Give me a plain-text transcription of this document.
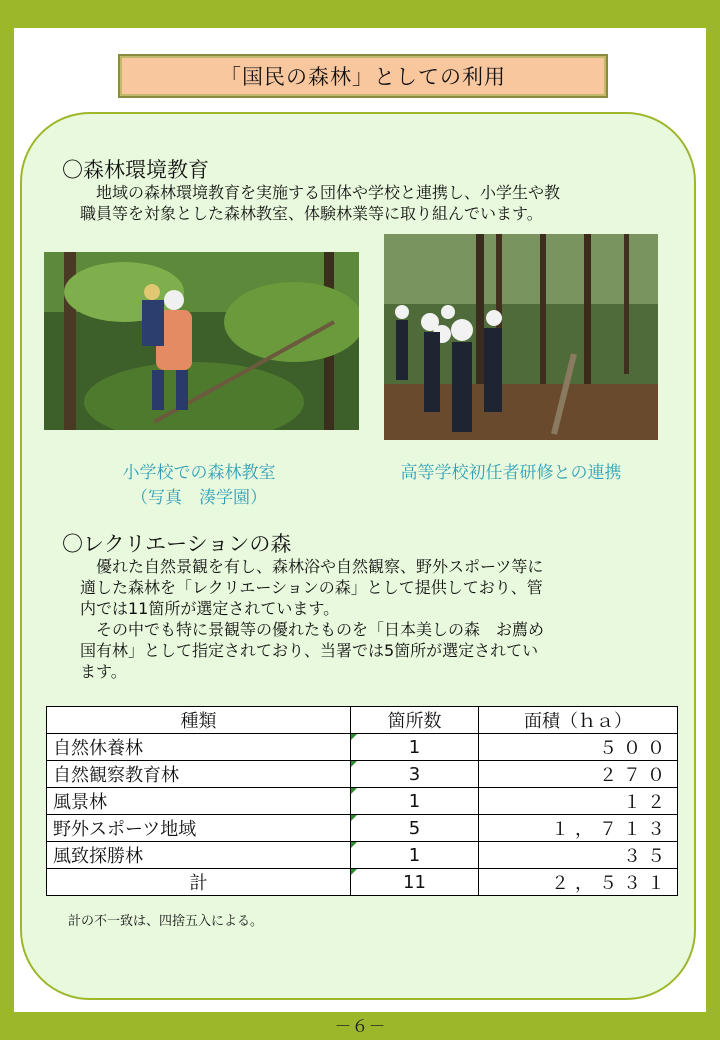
「国民の森林」としての利用
〇森林環境教育
　地域の森林環境教育を実施する団体や学校と連携し、小学生や教
職員等を対象とした森林教室、体験林業等に取り組んでいます。
小学校での森林教室
（写真　湊学園）
高等学校初任者研修との連携
〇レクリエーションの森
　優れた自然景観を有し、森林浴や自然観察、野外スポーツ等に
適した森林を「レクリエーションの森」として提供しており、管
内では11箇所が選定されています。
　その中でも特に景観等の優れたものを「日本美しの森　お薦め
国有林」として指定されており、当署では5箇所が選定されてい
ます。
種類	箇所数	面積（ｈａ）
自然休養林	1	５００
自然観察教育林	3	２７０
風景林	1	１２
野外スポーツ地域	5	１，７１３
風致探勝林	1	３５
計	11	２，５３１
計の不一致は、四捨五入による。
－６－
